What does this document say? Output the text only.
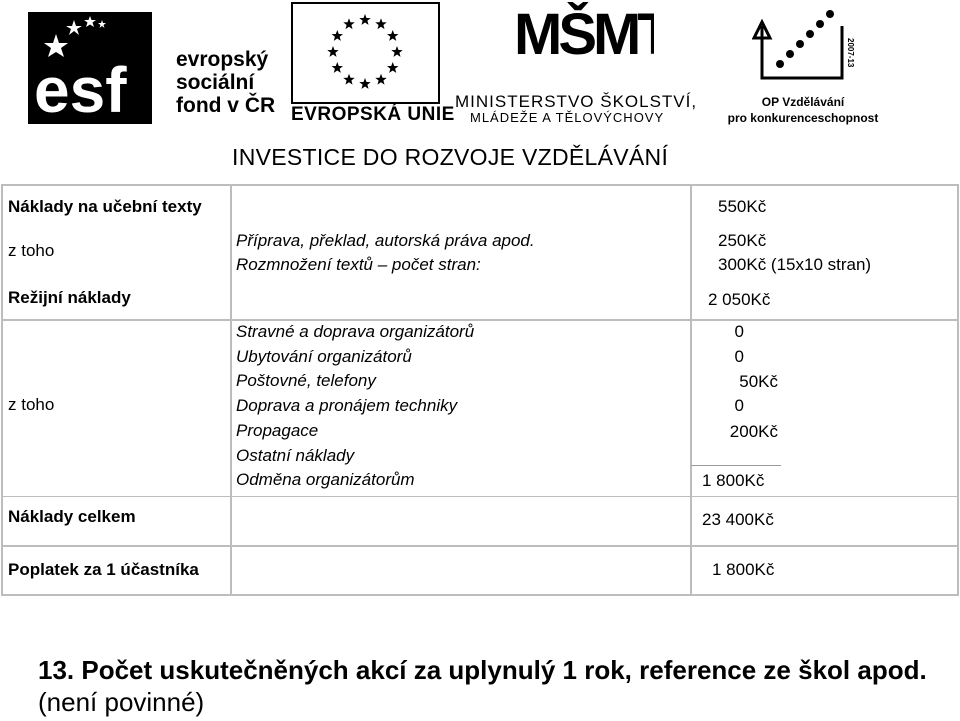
esf evropský
sociální
fond v ČR EVROPSKÁ UNIE
MŠMT
MINISTERSTVO ŠKOLSTVÍ,
MLÁDEŽE A TĚLOVÝCHOVY
2007-13
OP Vzdělávání
pro konkurenceschopnost
INVESTICE DO ROZVOJE VZDĚLÁVÁNÍ
Náklady na učební texty	550Kč
z toho
Příprava, překlad, autorská práva apod.	250Kč
Rozmnožení textů – počet stran:	300Kč (15x10 stran)
Režijní náklady	2 050Kč
z toho
Stravné a doprava organizátorů	0
Ubytování organizátorů	0
Poštovné, telefony	50Kč
Doprava a pronájem techniky	0
Propagace	200Kč
Ostatní náklady
Odměna organizátorům	1 800Kč
Náklady celkem	23 400Kč
Poplatek za 1 účastníka	1 800Kč
13. Počet uskutečněných akcí za uplynulý 1 rok, reference ze škol apod. (není povinné)
